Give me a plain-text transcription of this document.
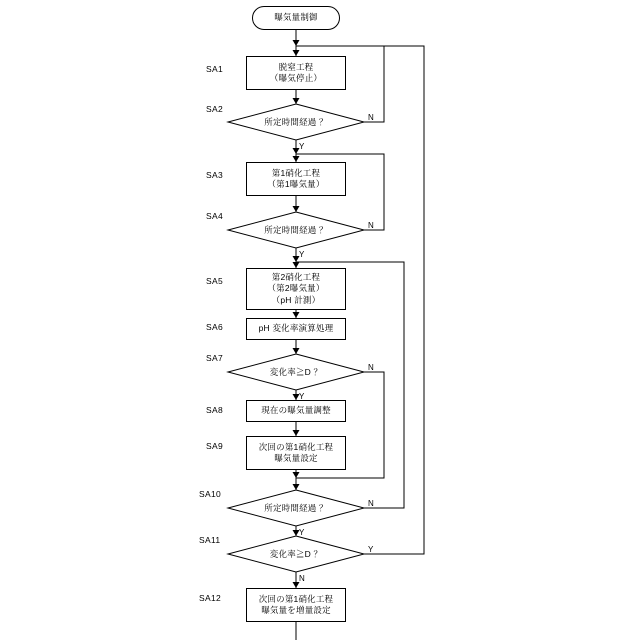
曝気量制御
脱窒工程
（曝気停止）
所定時間経過 ？
第1硝化工程
（第1曝気量）
所定時間経過 ？
第2硝化工程
（第2曝気量）
（pH 計測）
pH 変化率演算処理
変化率≧D ？
現在の曝気量調整
次回の第1硝化工程
曝気量設定
所定時間経過 ？
変化率≧D ？
次回の第1硝化工程
曝気量を増量設定
SA1
SA2
SA3
SA4
SA5
SA6
SA7
SA8
SA9
SA10
SA11
SA12
N
Y
N
Y
N
Y
N
Y
Y
N
